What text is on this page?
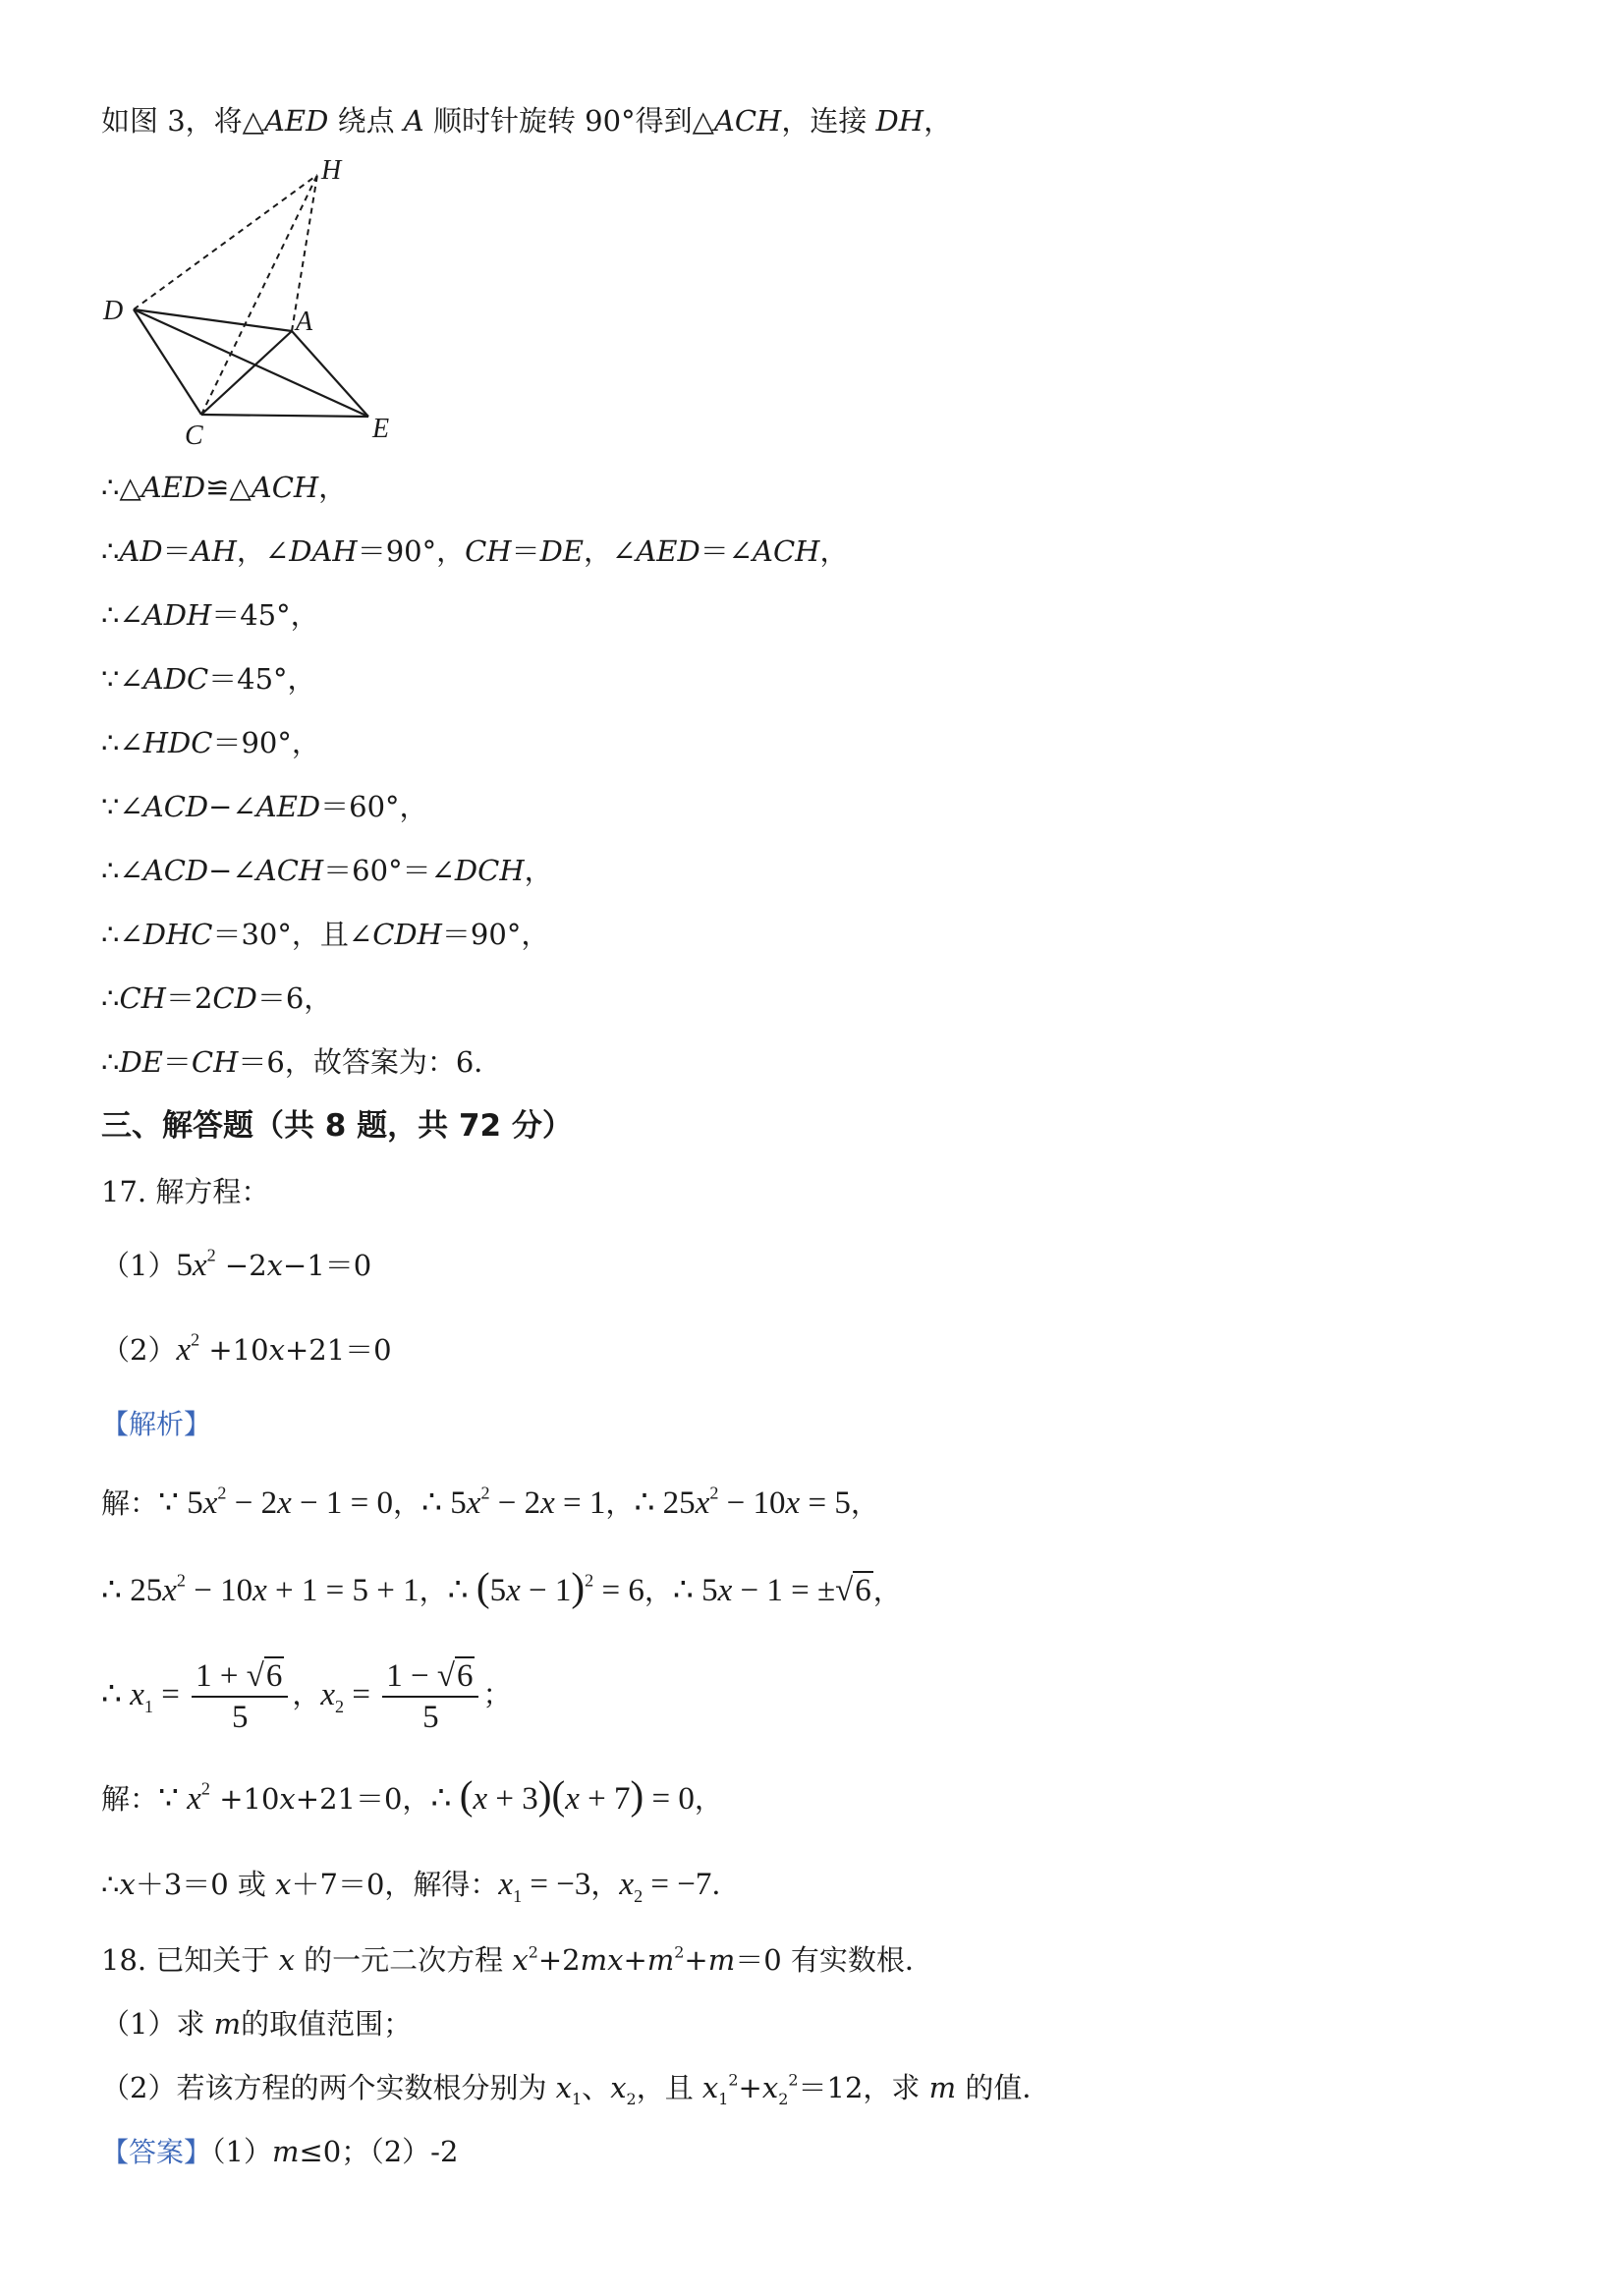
如图 3，将△AED 绕点 A 顺时针旋转 90°得到△ACH，连接 DH，
H
D	A
C	E
∴△AED≌△ACH，
∴AD＝AH，∠DAH＝90°，CH＝DE，∠AED＝∠ACH，
∴∠ADH＝45°，
∵∠ADC＝45°，
∴∠HDC＝90°，
∵∠ACD−∠AED＝60°，
∴∠ACD−∠ACH＝60°＝∠DCH，
∴∠DHC＝30°，且∠CDH＝90°，
∴CH＝2CD＝6，
∴DE＝CH＝6，故答案为：6．
三、解答题（共 8 题，共 72 分）
17. 解方程：
$(1)5x^2 -2x-1=0$
$(2)x^2 +10x+21=0$
【解析】
解：∵ $5x^2 - 2x - 1 = 0$，∴ $5x^2 - 2x = 1$，∴ $25x^2 - 10x = 5$，
∴ $25x^2 - 10x + 1 = 5 + 1$，∴ $(5x - 1)^2 = 6$，∴ 5x − 1 = ±√6，
∴ $x_1 = \frac{1 + √6}{5}$ ，$x_2 = \frac{1 - √6}{5}$ ；
解：∵ $x^2 +10x+21=0$，∴ (x + 3)(x + 7) = 0，
∴x＋3＝0 或 x＋7＝0，解得：$x_1 = -3$，$x_2 = -7$．
18. 已知关于 x 的一元二次方程 $x^2+2mx+m^2+m=0$ 有实数根．
（1）求 m的取值范围；
（2）若该方程的两个实数根分别为 $x_1$、$x_2$，且 $x_1^2+x_2^2=12$，求 m 的值．
【答案】（1）m≤0；（2）-2
